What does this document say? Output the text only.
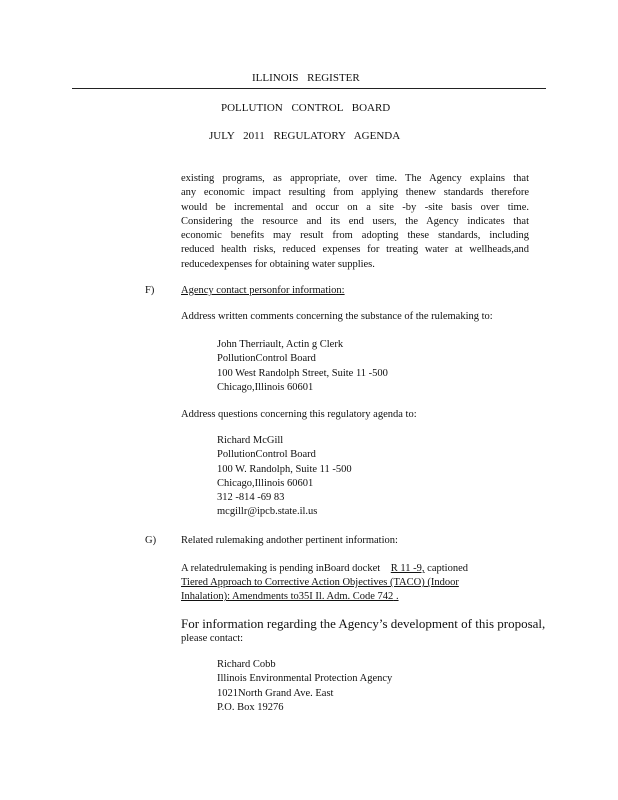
ILLINOIS REGISTER
POLLUTION CONTROL BOARD
JULY 2011 REGULATORY AGENDA

existing programs, as appropriate, over time. The Agency explains that

any economic impact resulting from applying thenew standards therefore

would be incremental and occur on a site -by -site basis over time.

Considering the resource and its end users, the Agency indicates that

economic benefits may result from adopting these standards, including

reduced health risks, reduced expenses for treating water at wellheads,and

reducedexpenses for obtaining water supplies.

F)	Agency contact personfor information:
Address written comments concerning the substance of the rulemaking to:
John Therriault, Actin g Clerk
PollutionControl Board
100 West Randolph Street, Suite 11 -500
Chicago,Illinois 60601
Address questions concerning this regulatory agenda to:
Richard McGill
PollutionControl Board
100 W. Randolph, Suite 11 -500
Chicago,Illinois 60601
312 -814 -69 83
mcgillr@ipcb.state.il.us
G) Related rulemaking andother pertinent information:
A relatedrulemaking is pending inBoard docket R 11 -9, captioned
Tiered Approach to Corrective Action Objectives (TACO) (Indoor
Inhalation): Amendments to35I Il. Adm. Code 742 .
For information regarding the Agency’s development of this proposal,
please contact:
Richard Cobb
Illinois Environmental Protection Agency
1021North Grand Ave. East
P.O. Box 19276
